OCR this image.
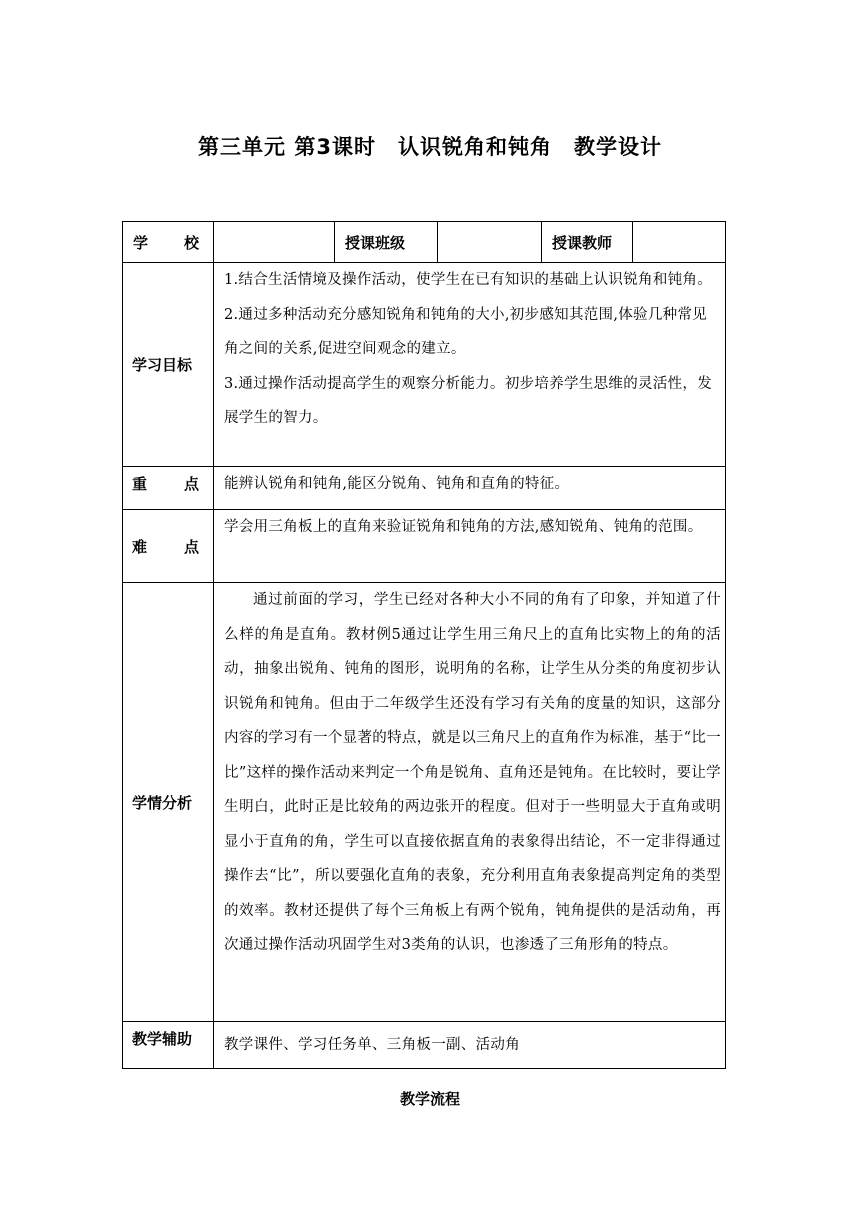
第三单元 第3课时　认识锐角和钝角　教学设计
学 校		授课班级		授课教师	
学习目标	1.结合生活情境及操作活动，使学生在已有知识的基础上认识锐角和钝角。

2.通过多种活动充分感知锐角和钝角的大小,初步感知其范围,体验几种常见角之间的关系,促进空间观念的建立。

3.通过操作活动提高学生的观察分析能力。初步培养学生思维的灵活性，发展学生的智力。				

重 点	能辨认锐角和钝角,能区分锐角、钝角和直角的特征。				

难 点	学会用三角板上的直角来验证锐角和钝角的方法,感知锐角、钝角的范围。				
学情分析	通过前面的学习，学生已经对各种大小不同的角有了印象，并知道了什么样的角是直角。教材例5通过让学生用三角尺上的直角比实物上的角的活动，抽象出锐角、钝角的图形，说明角的名称，让学生从分类的角度初步认识锐角和钝角。但由于二年级学生还没有学习有关角的度量的知识，这部分内容的学习有一个显著的特点，就是以三角尺上的直角作为标准，基于“比一比”这样的操作活动来判定一个角是锐角、直角还是钝角。在比较时，要让学生明白，此时正是比较角的两边张开的程度。但对于一些明显大于直角或明显小于直角的角，学生可以直接依据直角的表象得出结论，不一定非得通过操作去“比”，所以要强化直角的表象，充分利用直角表象提高判定角的类型的效率。教材还提供了每个三角板上有两个锐角，钝角提供的是活动角，再次通过操作活动巩固学生对3类角的认识，也渗透了三角形角的特点。				
教学辅助	教学课件、学习任务单、三角板一副、活动角				
教学流程
